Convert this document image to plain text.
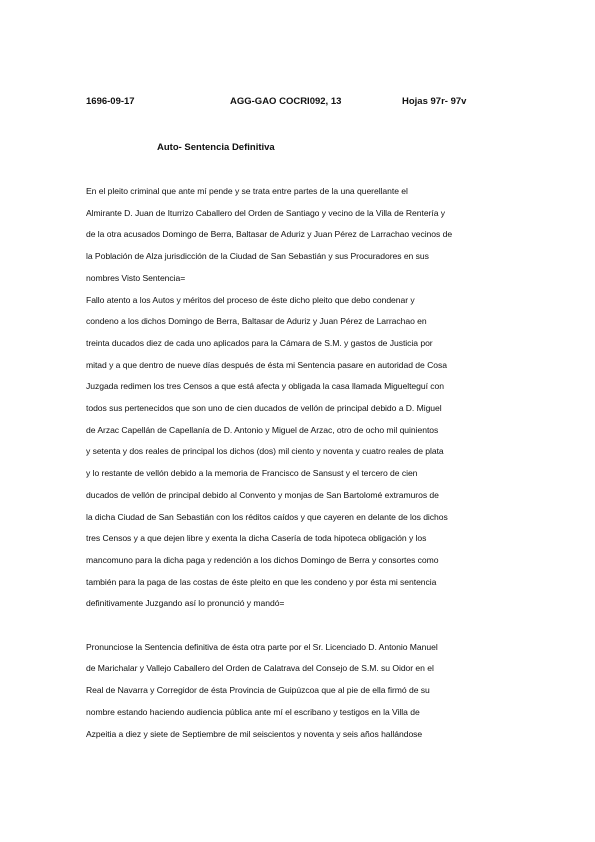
1696-09-17	AGG-GAO COCRI092, 13	Hojas 97r- 97v
Auto- Sentencia Definitiva
En el pleito criminal que ante mí pende y se trata entre partes de la una querellante el
Almirante D. Juan de Iturrizo Caballero del Orden de Santiago y vecino de la Villa de Rentería y
de la otra acusados Domingo de Berra, Baltasar de Aduriz y Juan Pérez de Larrachao vecinos de
la Población de Alza jurisdicción de la Ciudad de San Sebastián y sus Procuradores en sus
nombres Visto Sentencia=
Fallo atento a los Autos y méritos del proceso de éste dicho pleito que debo condenar y
condeno a los dichos Domingo de Berra, Baltasar de Aduriz y Juan Pérez de Larrachao en
treinta ducados diez de cada uno aplicados para la Cámara de S.M. y gastos de Justicia por
mitad y a que dentro de nueve días después de ésta mi Sentencia pasare en autoridad de Cosa
Juzgada redimen los tres Censos a que está afecta y obligada la casa llamada Miguelteguí con
todos sus pertenecidos que son uno de cien ducados de vellón de principal debido a D. Miguel
de Arzac Capellán de Capellanía de D. Antonio y Miguel de Arzac, otro de ocho mil quinientos
y setenta y dos reales de principal los dichos (dos) mil ciento y noventa y cuatro reales de plata
y lo restante de vellón debido a la memoria de Francisco de Sansust y el tercero de cien
ducados de vellón de principal debido al Convento y monjas de San Bartolomé extramuros de
la dicha Ciudad de San Sebastián con los réditos caídos y que cayeren en delante de los dichos
tres Censos y a que dejen libre y exenta la dicha Casería de toda hipoteca obligación y los
mancomuno para la dicha paga y redención a los dichos Domingo de Berra y consortes como
también para la paga de las costas de éste pleito en que les condeno y por ésta mi sentencia
definitivamente Juzgando así lo pronunció y mandó=
Pronunciose la Sentencia definitiva de ésta otra parte por el Sr. Licenciado D. Antonio Manuel
de Marichalar y Vallejo Caballero del Orden de Calatrava del Consejo de S.M. su Oidor en el
Real de Navarra y Corregidor de ésta Provincia de Guipúzcoa que al pie de ella firmó de su
nombre estando haciendo audiencia pública ante mí el escribano y testigos en la Villa de
Azpeitia a diez y siete de Septiembre de mil seiscientos y noventa y seis años hallándose
